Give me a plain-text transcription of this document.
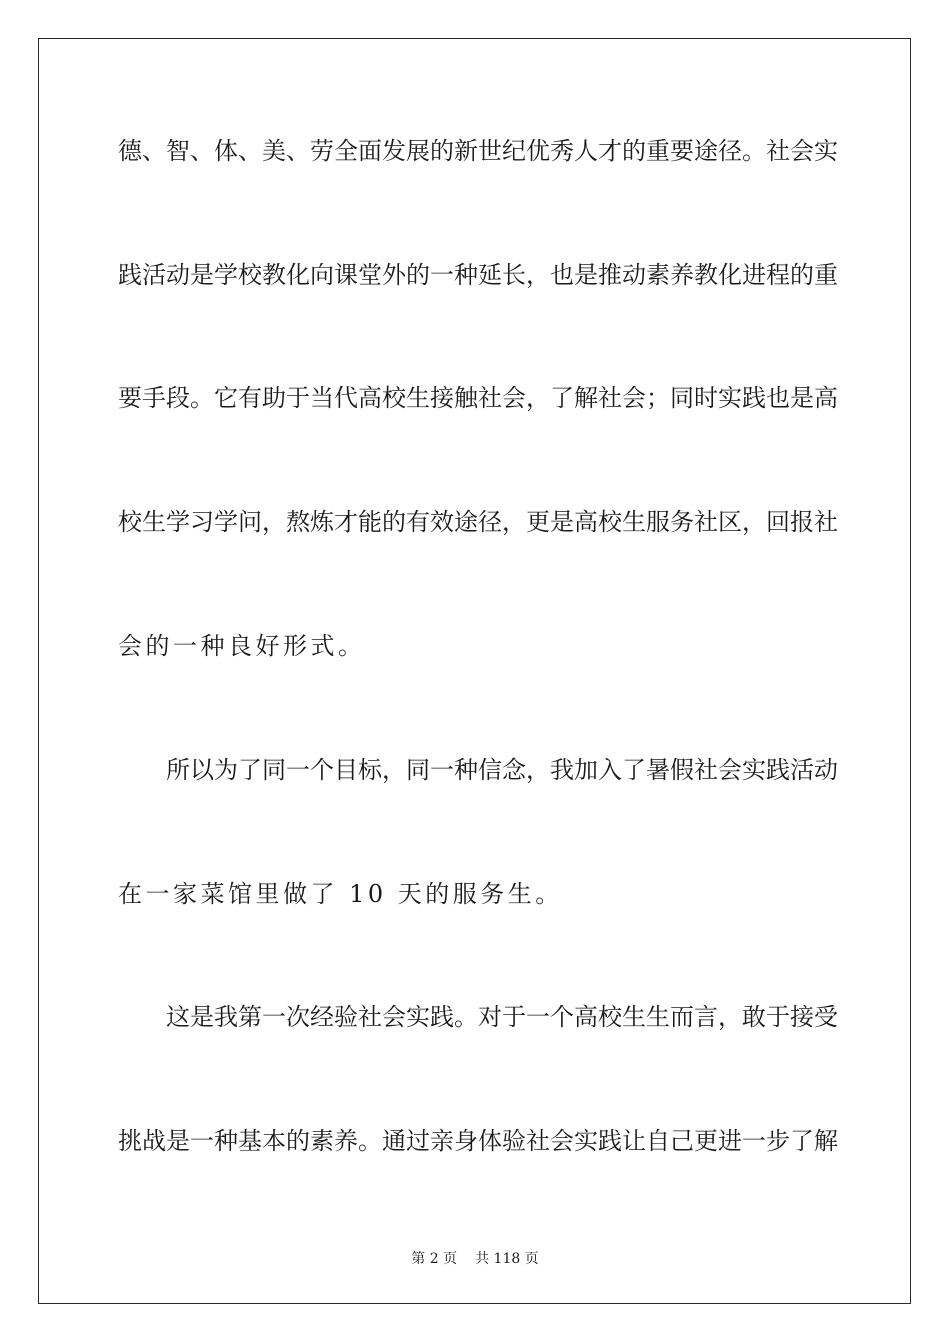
德、智、体、美、劳全面发展的新世纪优秀人才的重要途径。社会实
践活动是学校教化向课堂外的一种延长，也是推动素养教化进程的重
要手段。它有助于当代高校生接触社会，了解社会；同时实践也是高
校生学习学问，熬炼才能的有效途径，更是高校生服务社区，回报社
会的一种良好形式。
所以为了同一个目标，同一种信念，我加入了暑假社会实践活动
在一家菜馆里做了 10 天的服务生。
这是我第一次经验社会实践。对于一个高校生生而言，敢于接受
挑战是一种基本的素养。通过亲身体验社会实践让自己更进一步了解
第 2 页 共 118 页
